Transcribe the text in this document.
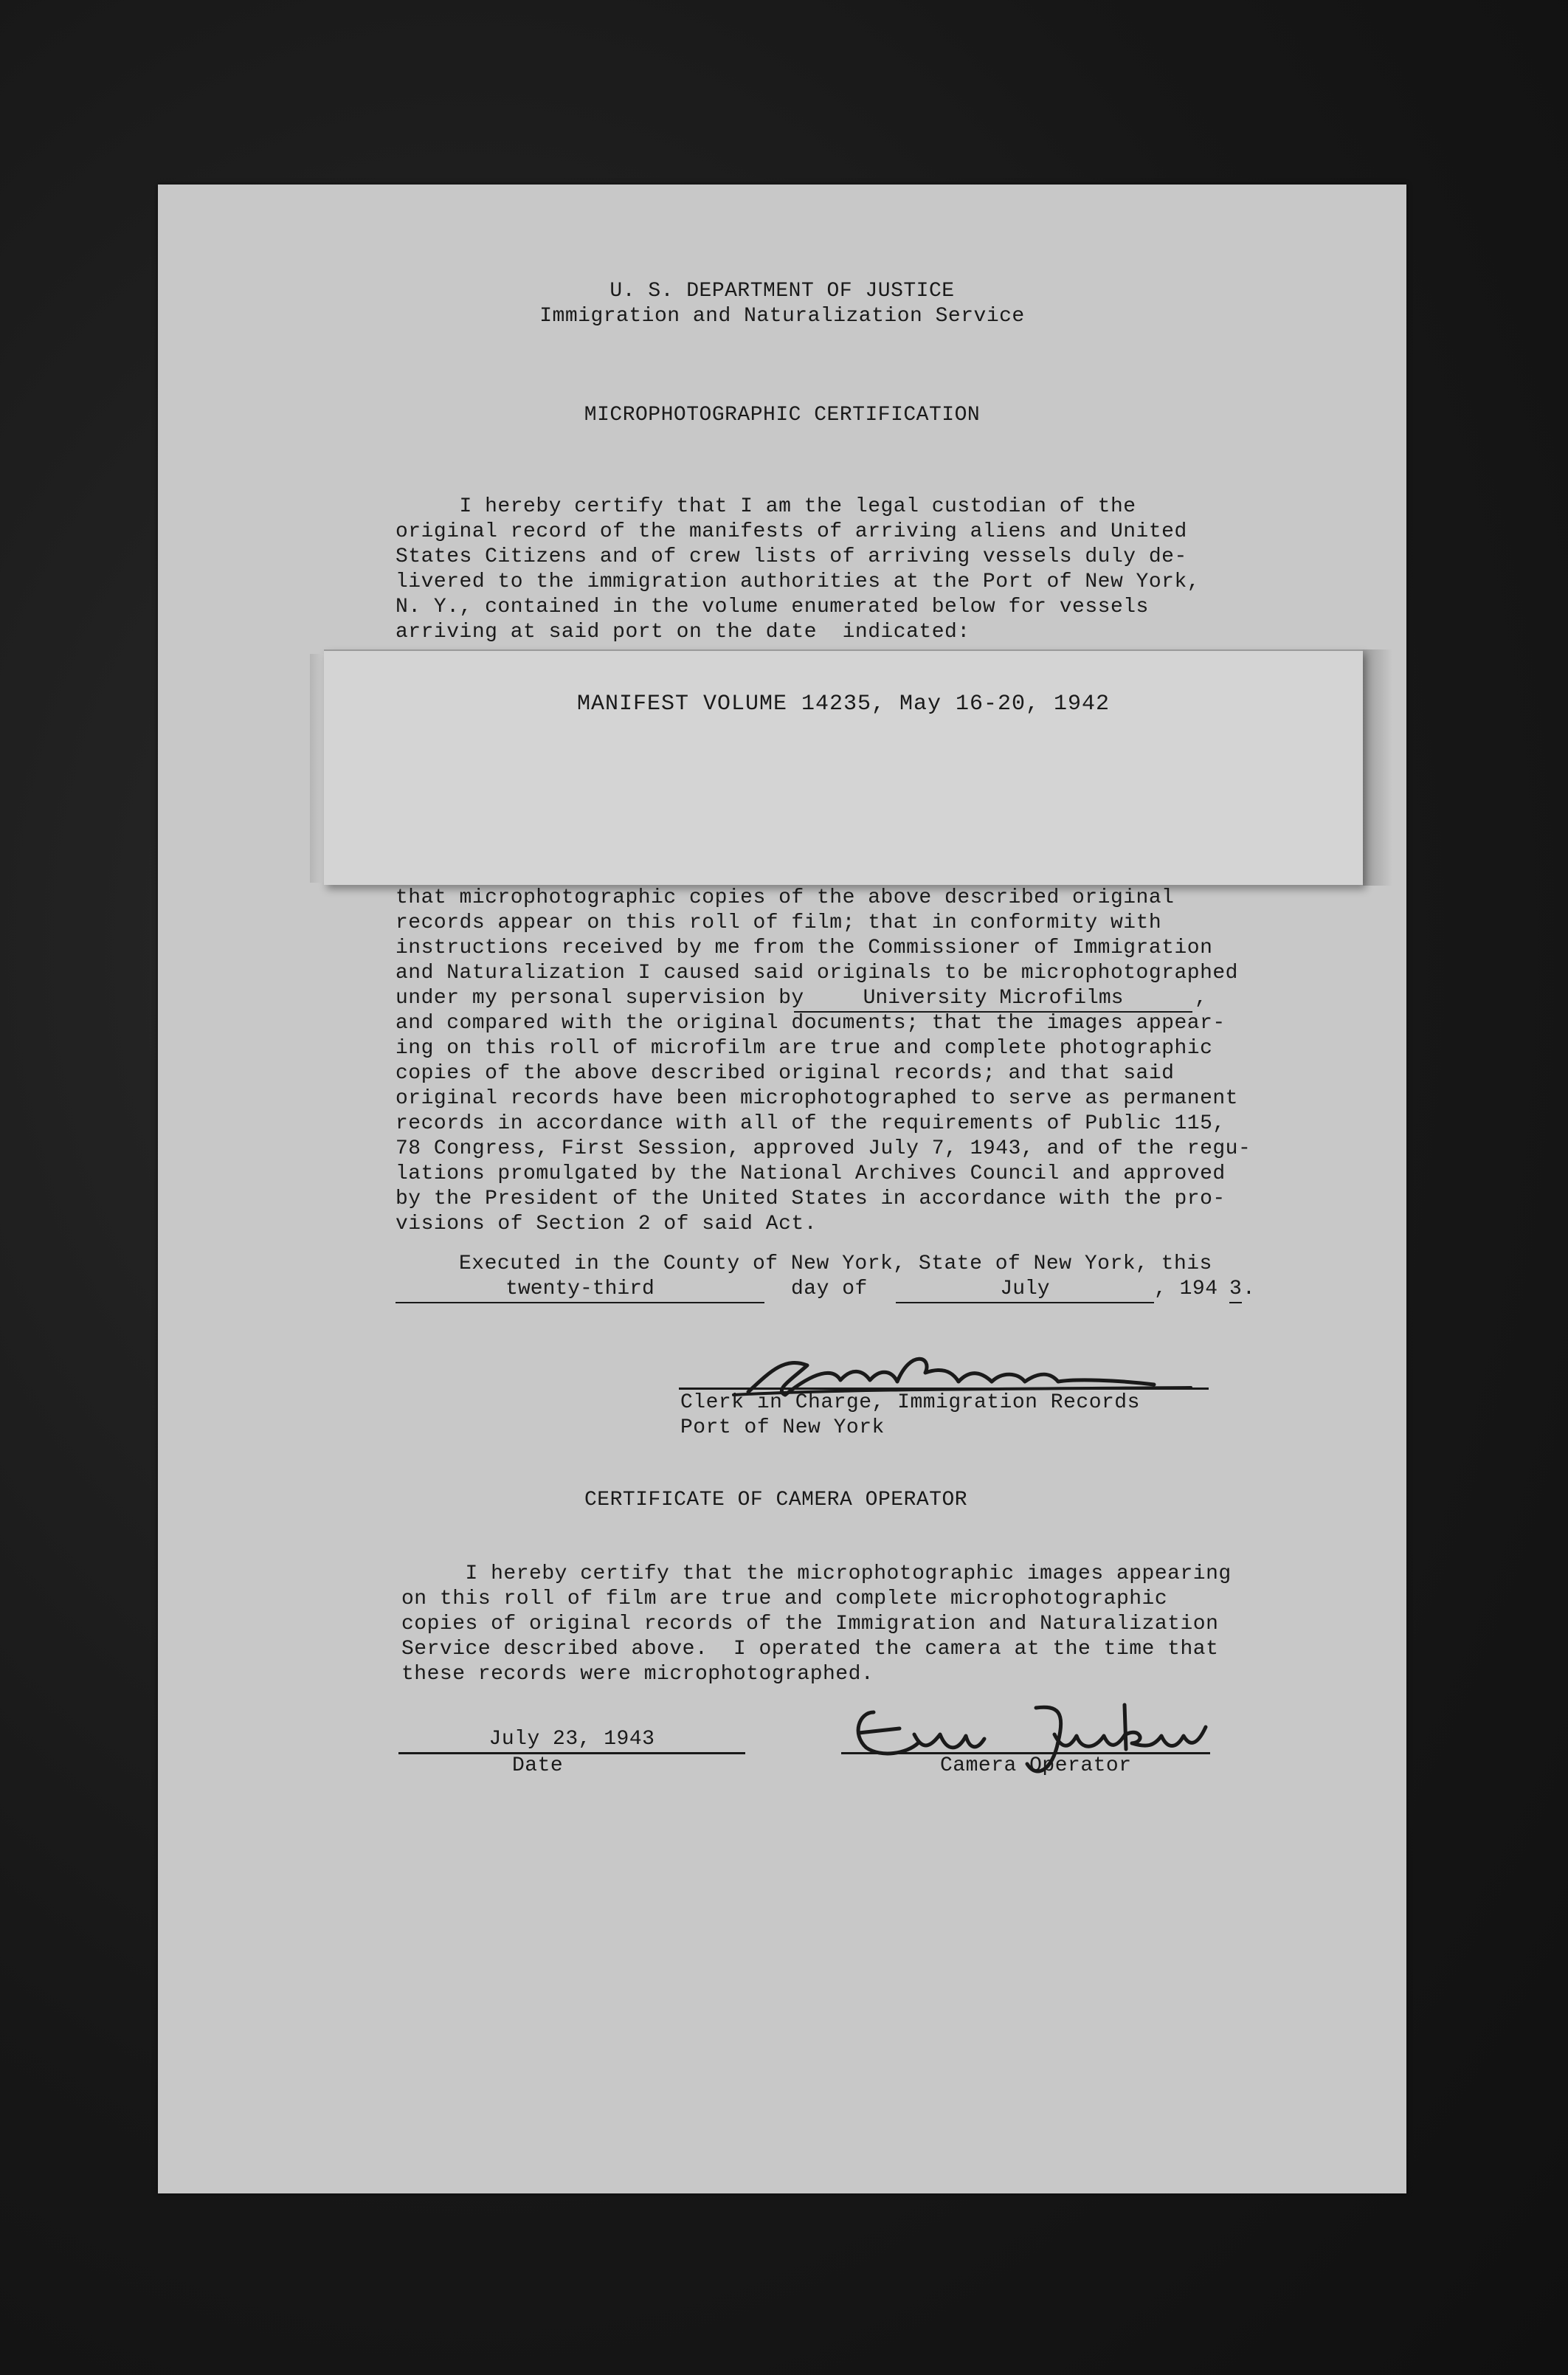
U. S. DEPARTMENT OF JUSTICE
Immigration and Naturalization Service
MICROPHOTOGRAPHIC CERTIFICATION
I hereby certify that I am the legal custodian of the
original record of the manifests of arriving aliens and United
States Citizens and of crew lists of arriving vessels duly de-
livered to the immigration authorities at the Port of New York,
N. Y., contained in the volume enumerated below for vessels
arriving at said port on the date  indicated:
MANIFEST VOLUME 14235, May 16-20, 1942
that microphotographic copies of the above described original
records appear on this roll of film; that in conformity with
instructions received by me from the Commissioner of Immigration
and Naturalization I caused said originals to be microphotographed
under my personal supervision by	University Microfilms	,
and compared with the original documents; that the images appear-
ing on this roll of microfilm are true and complete photographic
copies of the above described original records; and that said
original records have been microphotographed to serve as permanent
records in accordance with all of the requirements of Public 115,
78 Congress, First Session, approved July 7, 1943, and of the regu-
lations promulgated by the National Archives Council and approved
by the President of the United States in accordance with the pro-
visions of Section 2 of said Act.
Executed in the County of New York, State of New York, this
twenty-third	day of	July	, 194 3 .
Clerk in Charge, Immigration Records
Port of New York
CERTIFICATE OF CAMERA OPERATOR
I hereby certify that the microphotographic images appearing
on this roll of film are true and complete microphotographic
copies of original records of the Immigration and Naturalization
Service described above.  I operated the camera at the time that
these records were microphotographed.
July 23, 1943
Date	Camera Operator
